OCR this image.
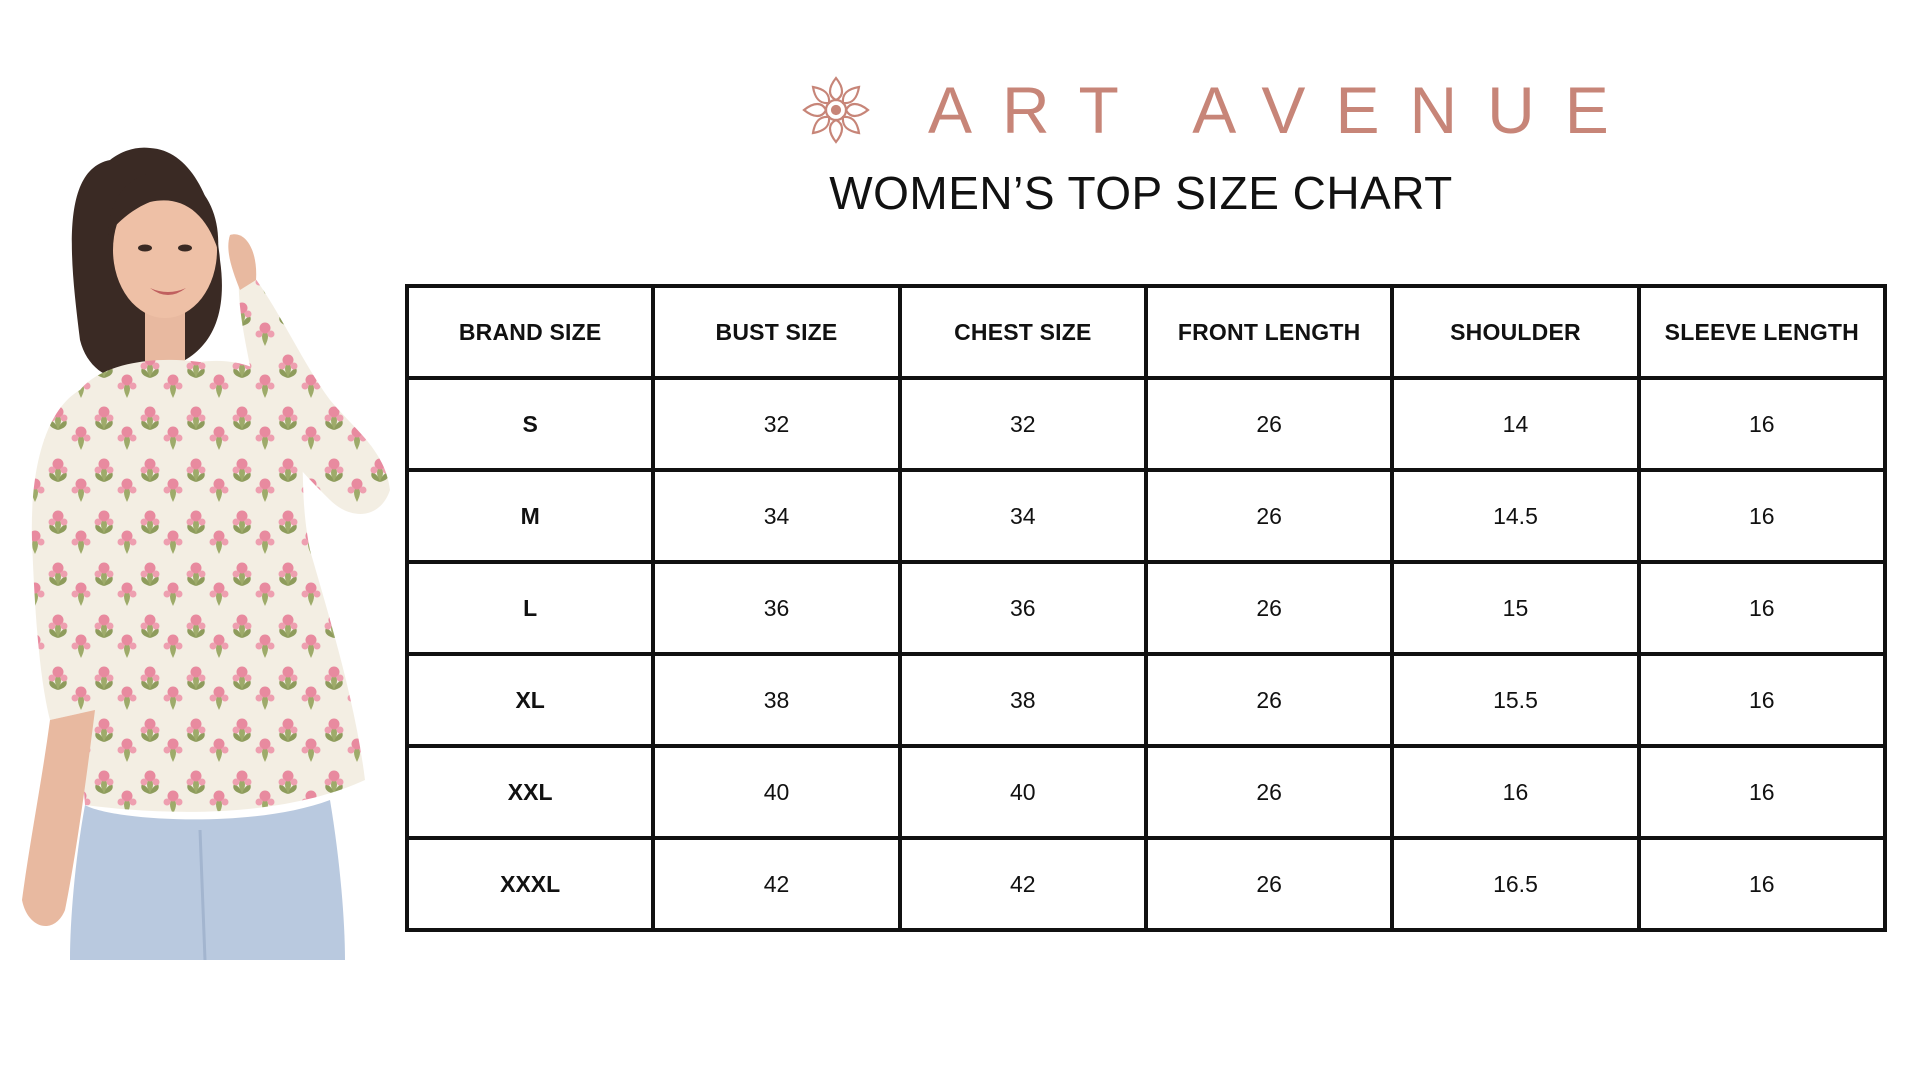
ART AVENUE
WOMEN’S TOP SIZE CHART
BRAND SIZE	BUST SIZE	CHEST SIZE	FRONT LENGTH	SHOULDER	SLEEVE LENGTH
S	32	32	26	14	16
M	34	34	26	14.5	16
L	36	36	26	15	16
XL	38	38	26	15.5	16
XXL	40	40	26	16	16
XXXL	42	42	26	16.5	16
